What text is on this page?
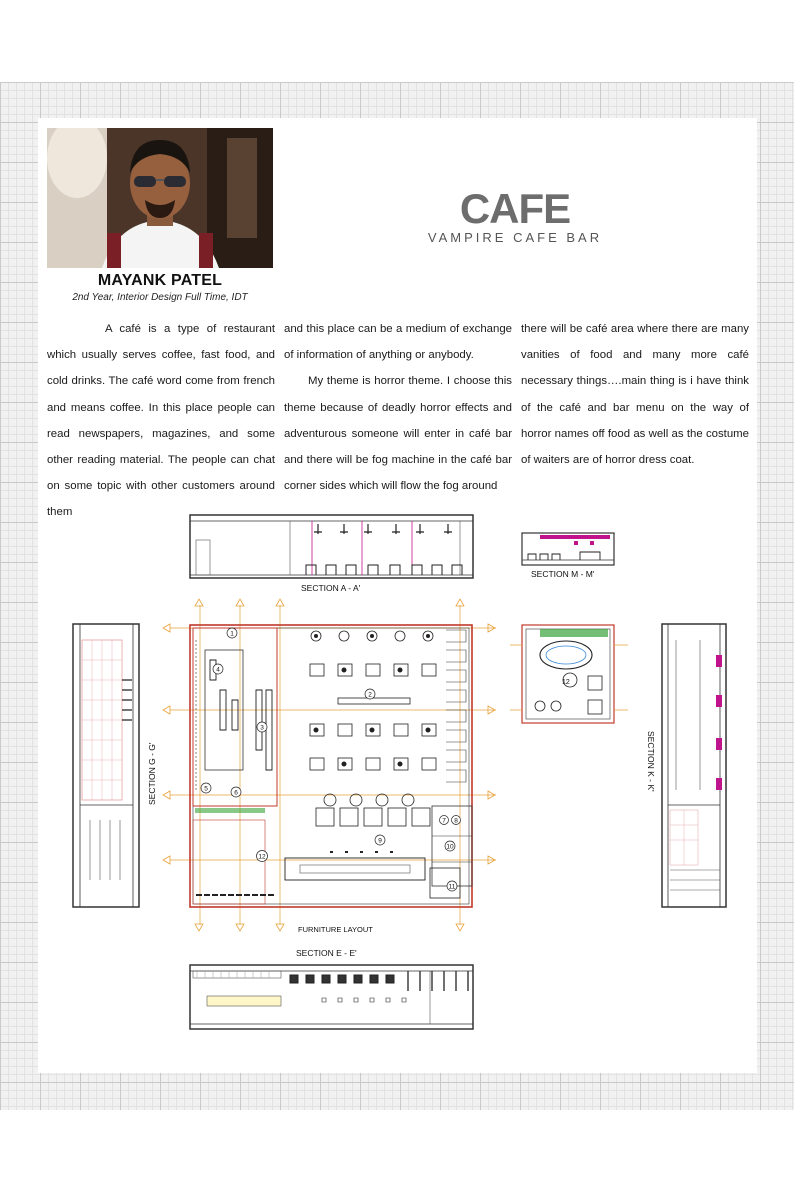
MAYANK PATEL
2nd Year, Interior Design Full Time, IDT
CAFE
VAMPIRE CAFE BAR

A café is a type of restaurant which usually serves coffee, fast food, and cold drinks. The café word come from french and means coffee. In this place people can read newspapers, magazines, and some other reading material. The people can chat on some topic with other customers around them

and this place can be a medium of exchange of information of anything or anybody.

My theme is horror theme. I choose this theme because of deadly horror effects and adventurous someone will enter in café bar and there will be fog machine in the café bar corner sides which will flow the fog around

there will be café area where there are many vanities of food and many more café necessary things….main thing is i have think of the café and bar menu on the way of horror names off food as well as the costume of waiters are of horror dress coat.

SECTION A - A'
SECTION M - M'
SECTION G - G'	SECTION K - K'
12
1
2
3
4
5
6
7 8
9
10
11
12
FURNITURE LAYOUT
SECTION E - E'
